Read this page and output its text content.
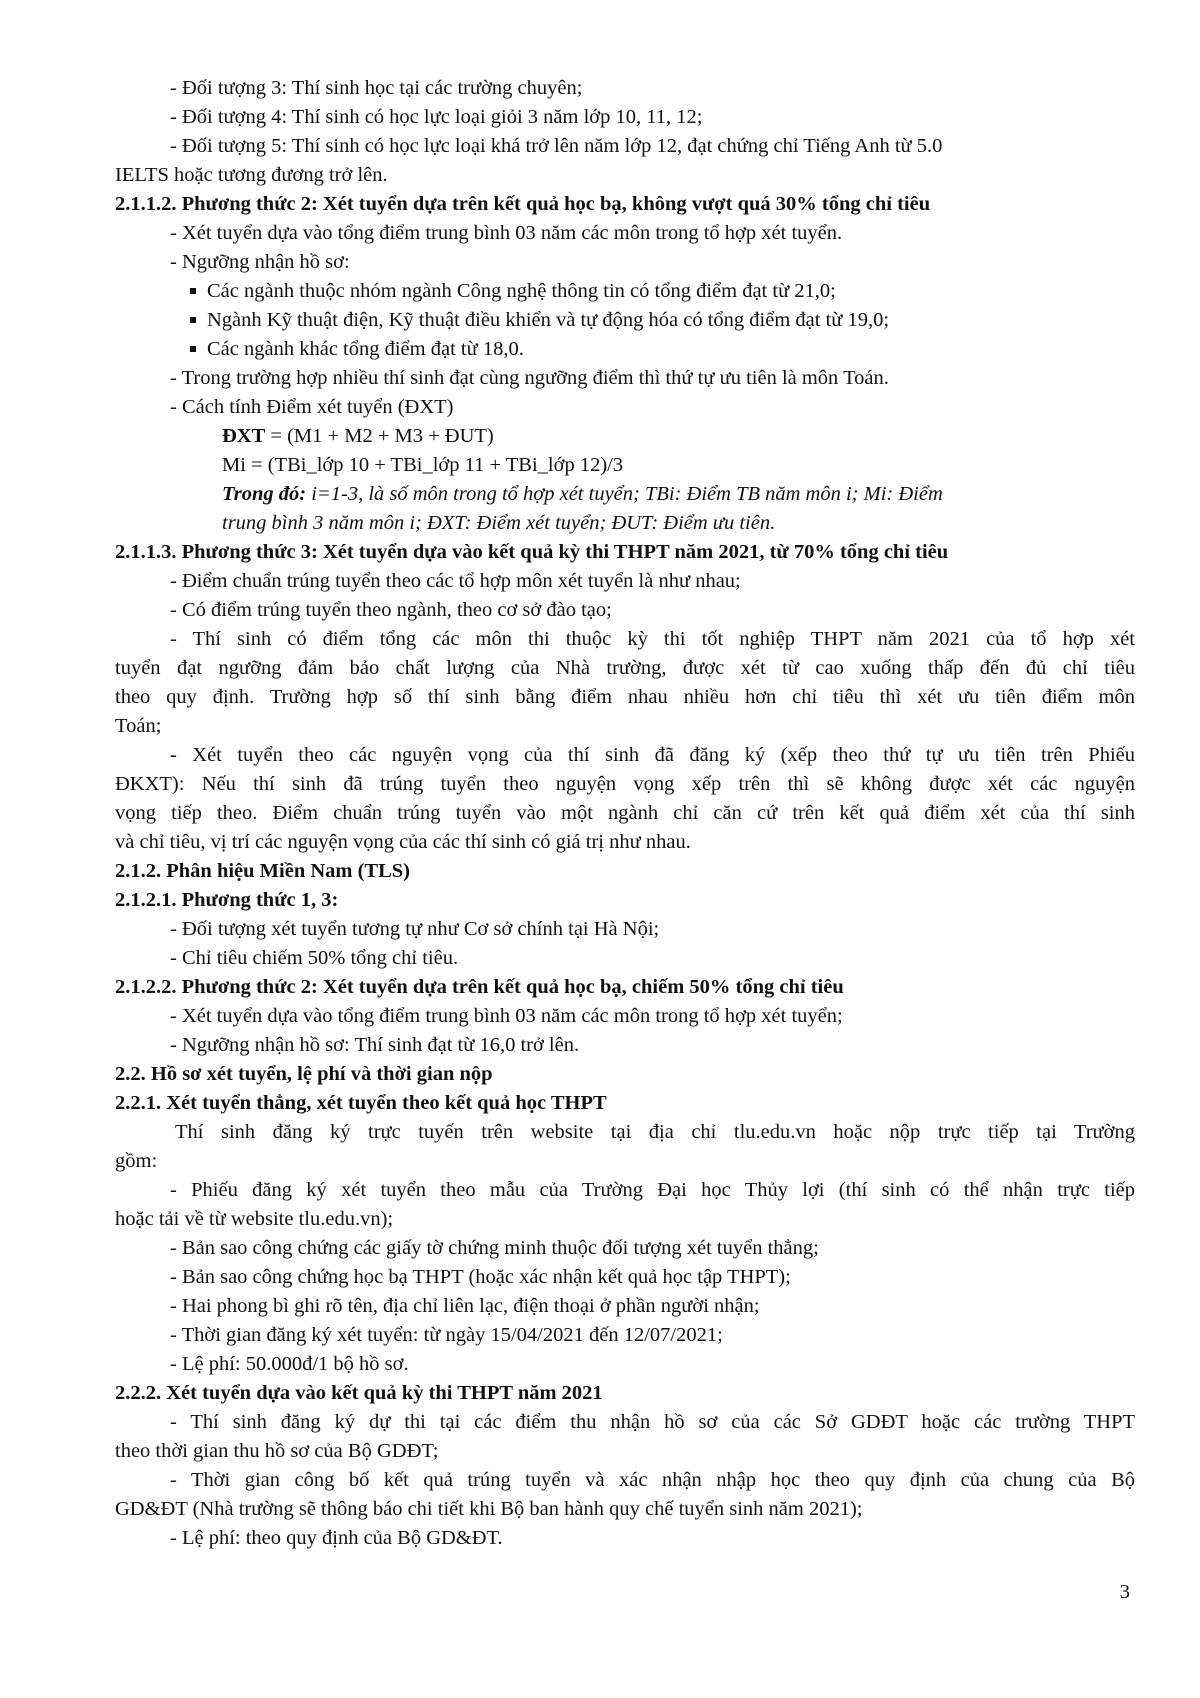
- Đối tượng 3: Thí sinh học tại các trường chuyên;
- Đối tượng 4: Thí sinh có học lực loại giỏi 3 năm lớp 10, 11, 12;
- Đối tượng 5: Thí sinh có học lực loại khá trở lên năm lớp 12, đạt chứng chỉ Tiếng Anh từ 5.0
IELTS hoặc tương đương trở lên.
2.1.1.2. Phương thức 2: Xét tuyển dựa trên kết quả học bạ, không vượt quá 30% tổng chỉ tiêu
- Xét tuyển dựa vào tổng điểm trung bình 03 năm các môn trong tổ hợp xét tuyển.
- Ngưỡng nhận hồ sơ:
Các ngành thuộc nhóm ngành Công nghệ thông tin có tổng điểm đạt từ 21,0;
Ngành Kỹ thuật điện, Kỹ thuật điều khiển và tự động hóa có tổng điểm đạt từ 19,0;
Các ngành khác tổng điểm đạt từ 18,0.
- Trong trường hợp nhiều thí sinh đạt cùng ngưỡng điểm thì thứ tự ưu tiên là môn Toán.
- Cách tính Điểm xét tuyển (ĐXT)
ĐXT = (M1 + M2 + M3 + ĐUT)
Mi = (TBi_lớp 10 + TBi_lớp 11 + TBi_lớp 12)/3
Trong đó: i=1-3, là số môn trong tổ hợp xét tuyển; TBi: Điểm TB năm môn i; Mi: Điểm
trung bình 3 năm môn i; ĐXT: Điểm xét tuyển; ĐUT: Điểm ưu tiên.
2.1.1.3. Phương thức 3: Xét tuyển dựa vào kết quả kỳ thi THPT năm 2021, từ 70% tổng chỉ tiêu
- Điểm chuẩn trúng tuyển theo các tổ hợp môn xét tuyển là như nhau;
- Có điểm trúng tuyển theo ngành, theo cơ sở đào tạo;
- Thí sinh có điểm tổng các môn thi thuộc kỳ thi tốt nghiệp THPT năm 2021 của tổ hợp xét
tuyển đạt ngưỡng đảm bảo chất lượng của Nhà trường, được xét từ cao xuống thấp đến đủ chỉ tiêu
theo quy định. Trường hợp số thí sinh bằng điểm nhau nhiều hơn chỉ tiêu thì xét ưu tiên điểm môn
Toán;
- Xét tuyển theo các nguyện vọng của thí sinh đã đăng ký (xếp theo thứ tự ưu tiên trên Phiếu
ĐKXT): Nếu thí sinh đã trúng tuyển theo nguyện vọng xếp trên thì sẽ không được xét các nguyện
vọng tiếp theo. Điểm chuẩn trúng tuyển vào một ngành chỉ căn cứ trên kết quả điểm xét của thí sinh
và chỉ tiêu, vị trí các nguyện vọng của các thí sinh có giá trị như nhau.
2.1.2. Phân hiệu Miền Nam (TLS)
2.1.2.1. Phương thức 1, 3:
- Đối tượng xét tuyển tương tự như Cơ sở chính tại Hà Nội;
- Chỉ tiêu chiếm 50% tổng chỉ tiêu.
2.1.2.2. Phương thức 2: Xét tuyển dựa trên kết quả học bạ, chiếm 50% tổng chỉ tiêu
- Xét tuyển dựa vào tổng điểm trung bình 03 năm các môn trong tổ hợp xét tuyển;
- Ngưỡng nhận hồ sơ: Thí sinh đạt từ 16,0 trở lên.
2.2. Hồ sơ xét tuyển, lệ phí và thời gian nộp
2.2.1. Xét tuyển thẳng, xét tuyển theo kết quả học THPT
Thí sinh đăng ký trực tuyến trên website tại địa chỉ tlu.edu.vn hoặc nộp trực tiếp tại Trường
gồm:
- Phiếu đăng ký xét tuyển theo mẫu của Trường Đại học Thủy lợi (thí sinh có thể nhận trực tiếp
hoặc tải về từ website tlu.edu.vn);
- Bản sao công chứng các giấy tờ chứng minh thuộc đối tượng xét tuyển thẳng;
- Bản sao công chứng học bạ THPT (hoặc xác nhận kết quả học tập THPT);
- Hai phong bì ghi rõ tên, địa chỉ liên lạc, điện thoại ở phần người nhận;
- Thời gian đăng ký xét tuyển: từ ngày 15/04/2021 đến 12/07/2021;
- Lệ phí: 50.000đ/1 bộ hồ sơ.
2.2.2. Xét tuyển dựa vào kết quả kỳ thi THPT năm 2021
- Thí sinh đăng ký dự thi tại các điểm thu nhận hồ sơ của các Sở GDĐT hoặc các trường THPT
theo thời gian thu hồ sơ của Bộ GDĐT;
- Thời gian công bố kết quả trúng tuyển và xác nhận nhập học theo quy định của chung của Bộ
GD&ĐT (Nhà trường sẽ thông báo chi tiết khi Bộ ban hành quy chế tuyển sinh năm 2021);
- Lệ phí: theo quy định của Bộ GD&ĐT.
3
